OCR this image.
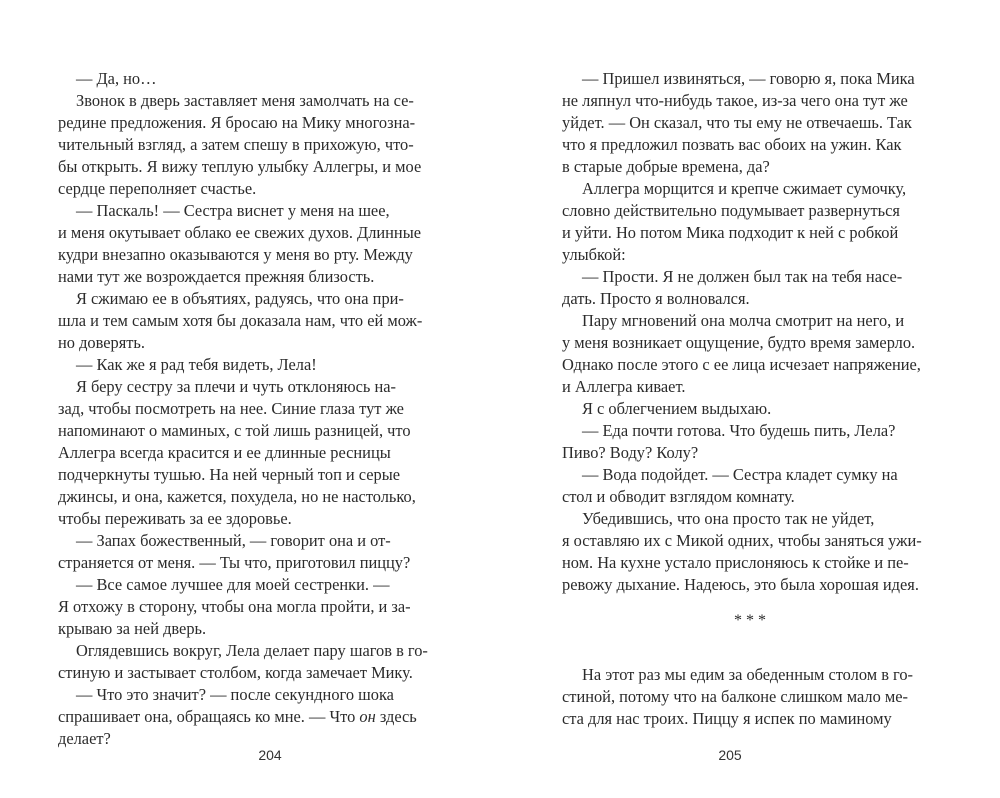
— Да, но…
Звонок в дверь заставляет меня замолчать на се-
редине предложения. Я бросаю на Мику многозна-
чительный взгляд, а затем спешу в прихожую, что-
бы открыть. Я вижу теплую улыбку Аллегры, и мое
сердце переполняет счастье.
— Паскаль! — Сестра виснет у меня на шее,
и меня окутывает облако ее свежих духов. Длинные
кудри внезапно оказываются у меня во рту. Между
нами тут же возрождается прежняя близость.
Я сжимаю ее в объятиях, радуясь, что она при-
шла и тем самым хотя бы доказала нам, что ей мож-
но доверять.
— Как же я рад тебя видеть, Лела!
Я беру сестру за плечи и чуть отклоняюсь на-
зад, чтобы посмотреть на нее. Синие глаза тут же
напоминают о маминых, с той лишь разницей, что
Аллегра всегда красится и ее длинные ресницы
подчеркнуты тушью. На ней черный топ и серые
джинсы, и она, кажется, похудела, но не настолько,
чтобы переживать за ее здоровье.
— Запах божественный, — говорит она и от-
страняется от меня. — Ты что, приготовил пиццу?
— Все самое лучшее для моей сестренки. —
Я отхожу в сторону, чтобы она могла пройти, и за-
крываю за ней дверь.
Оглядевшись вокруг, Лела делает пару шагов в го-
стиную и застывает столбом, когда замечает Мику.
— Что это значит? — после секундного шока
спрашивает она, обращаясь ко мне. — Что он здесь
делает?
204
— Пришел извиняться, — говорю я, пока Мика
не ляпнул что-нибудь такое, из-за чего она тут же
уйдет. — Он сказал, что ты ему не отвечаешь. Так
что я предложил позвать вас обоих на ужин. Как
в старые добрые времена, да?
Аллегра морщится и крепче сжимает сумочку,
словно действительно подумывает развернуться
и уйти. Но потом Мика подходит к ней с робкой
улыбкой:
— Прости. Я не должен был так на тебя насе-
дать. Просто я волновался.
Пару мгновений она молча смотрит на него, и
у меня возникает ощущение, будто время замерло.
Однако после этого с ее лица исчезает напряжение,
и Аллегра кивает.
Я с облегчением выдыхаю.
— Еда почти готова. Что будешь пить, Лела?
Пиво? Воду? Колу?
— Вода подойдет. — Сестра кладет сумку на
стол и обводит взглядом комнату.
Убедившись, что она просто так не уйдет,
я оставляю их с Микой одних, чтобы заняться ужи-
ном. На кухне устало прислоняюсь к стойке и пе-
ревожу дыхание. Надеюсь, это была хорошая идея.
* * *
На этот раз мы едим за обеденным столом в го-
стиной, потому что на балконе слишком мало ме-
ста для нас троих. Пиццу я испек по маминому
205
